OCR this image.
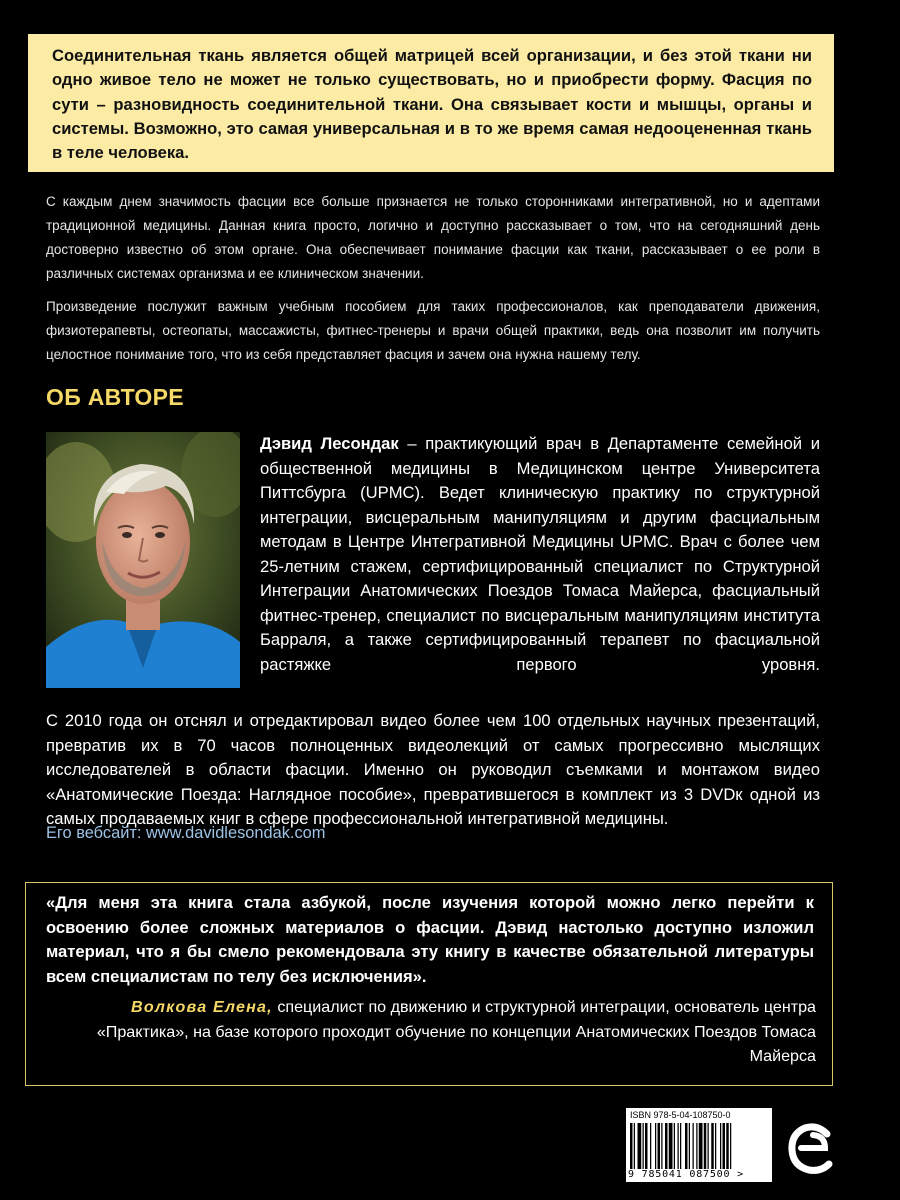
Соединительная ткань является общей матрицей всей организации, и без этой ткани ни одно живое тело не может не только существовать, но и приобрести форму. Фасция по сути – разновидность соединительной ткани. Она связывает кости и мышцы, органы и системы. Возможно, это самая универсальная и в то же время самая недооцененная ткань в теле человека.

С каждым днем значимость фасции все больше признается не только сторонниками интегративной, но и адептами традиционной медицины. Данная книга просто, логично и доступно рассказывает о том, что на сегодняшний день достоверно известно об этом органе. Она обеспечивает понимание фасции как ткани, рассказывает о ее роли в различных системах организма и ее клиническом значении.

Произведение послужит важным учебным пособием для таких профессионалов, как преподаватели движения, физиотерапевты, остеопаты, массажисты, фитнес-тренеры и врачи общей практики, ведь она позволит им получить целостное понимание того, что из себя представляет фасция и зачем она нужна нашему телу.

ОБ АВТОРЕ

Дэвид Лесондак – практикующий врач в Департаменте семейной и общественной медицины в Медицинском центре Университета Питтсбурга (UPMC). Ведет клиническую практику по структурной интеграции, висцеральным манипуляциям и другим фасциальным методам в Центре Интегративной Медицины UPMC. Врач с более чем 25-летним стажем, сертифицированный специалист по Структурной Интеграции Анатомических Поездов Томаса Майерса, фасциальный фитнес-тренер, специалист по висцеральным манипуляциям института Барраля, а также сертифицированный терапевт по фасциальной растяжке первого уровня.

С 2010 года он отснял и отредактировал видео более чем 100 отдельных научных презентаций, превратив их в 70 часов полноценных видеолекций от самых прогрессивно мыслящих исследователей в области фасции. Именно он руководил съемками и монтажом видео «Анатомические Поезда: Наглядное пособие», превратившегося в комплект из 3 DVDк одной из самых продаваемых книг в сфере профессиональной интегративной медицины.

Его вебсайт: www.davidlesondak.com

«Для меня эта книга стала азбукой, после изучения которой можно легко перейти к освоению более сложных материалов о фасции. Дэвид настолько доступно изложил материал, что я бы смело рекомендовала эту книгу в качестве обязательной литературы всем специалистам по телу без исключения».

Волкова Елена, специалист по движению и структурной интеграции, основатель центра «Практика», на базе которого проходит обучение по концепции Анатомических Поездов Томаса Майерса

ISBN 978-5-04-108750-0

9 785041 087500 >
